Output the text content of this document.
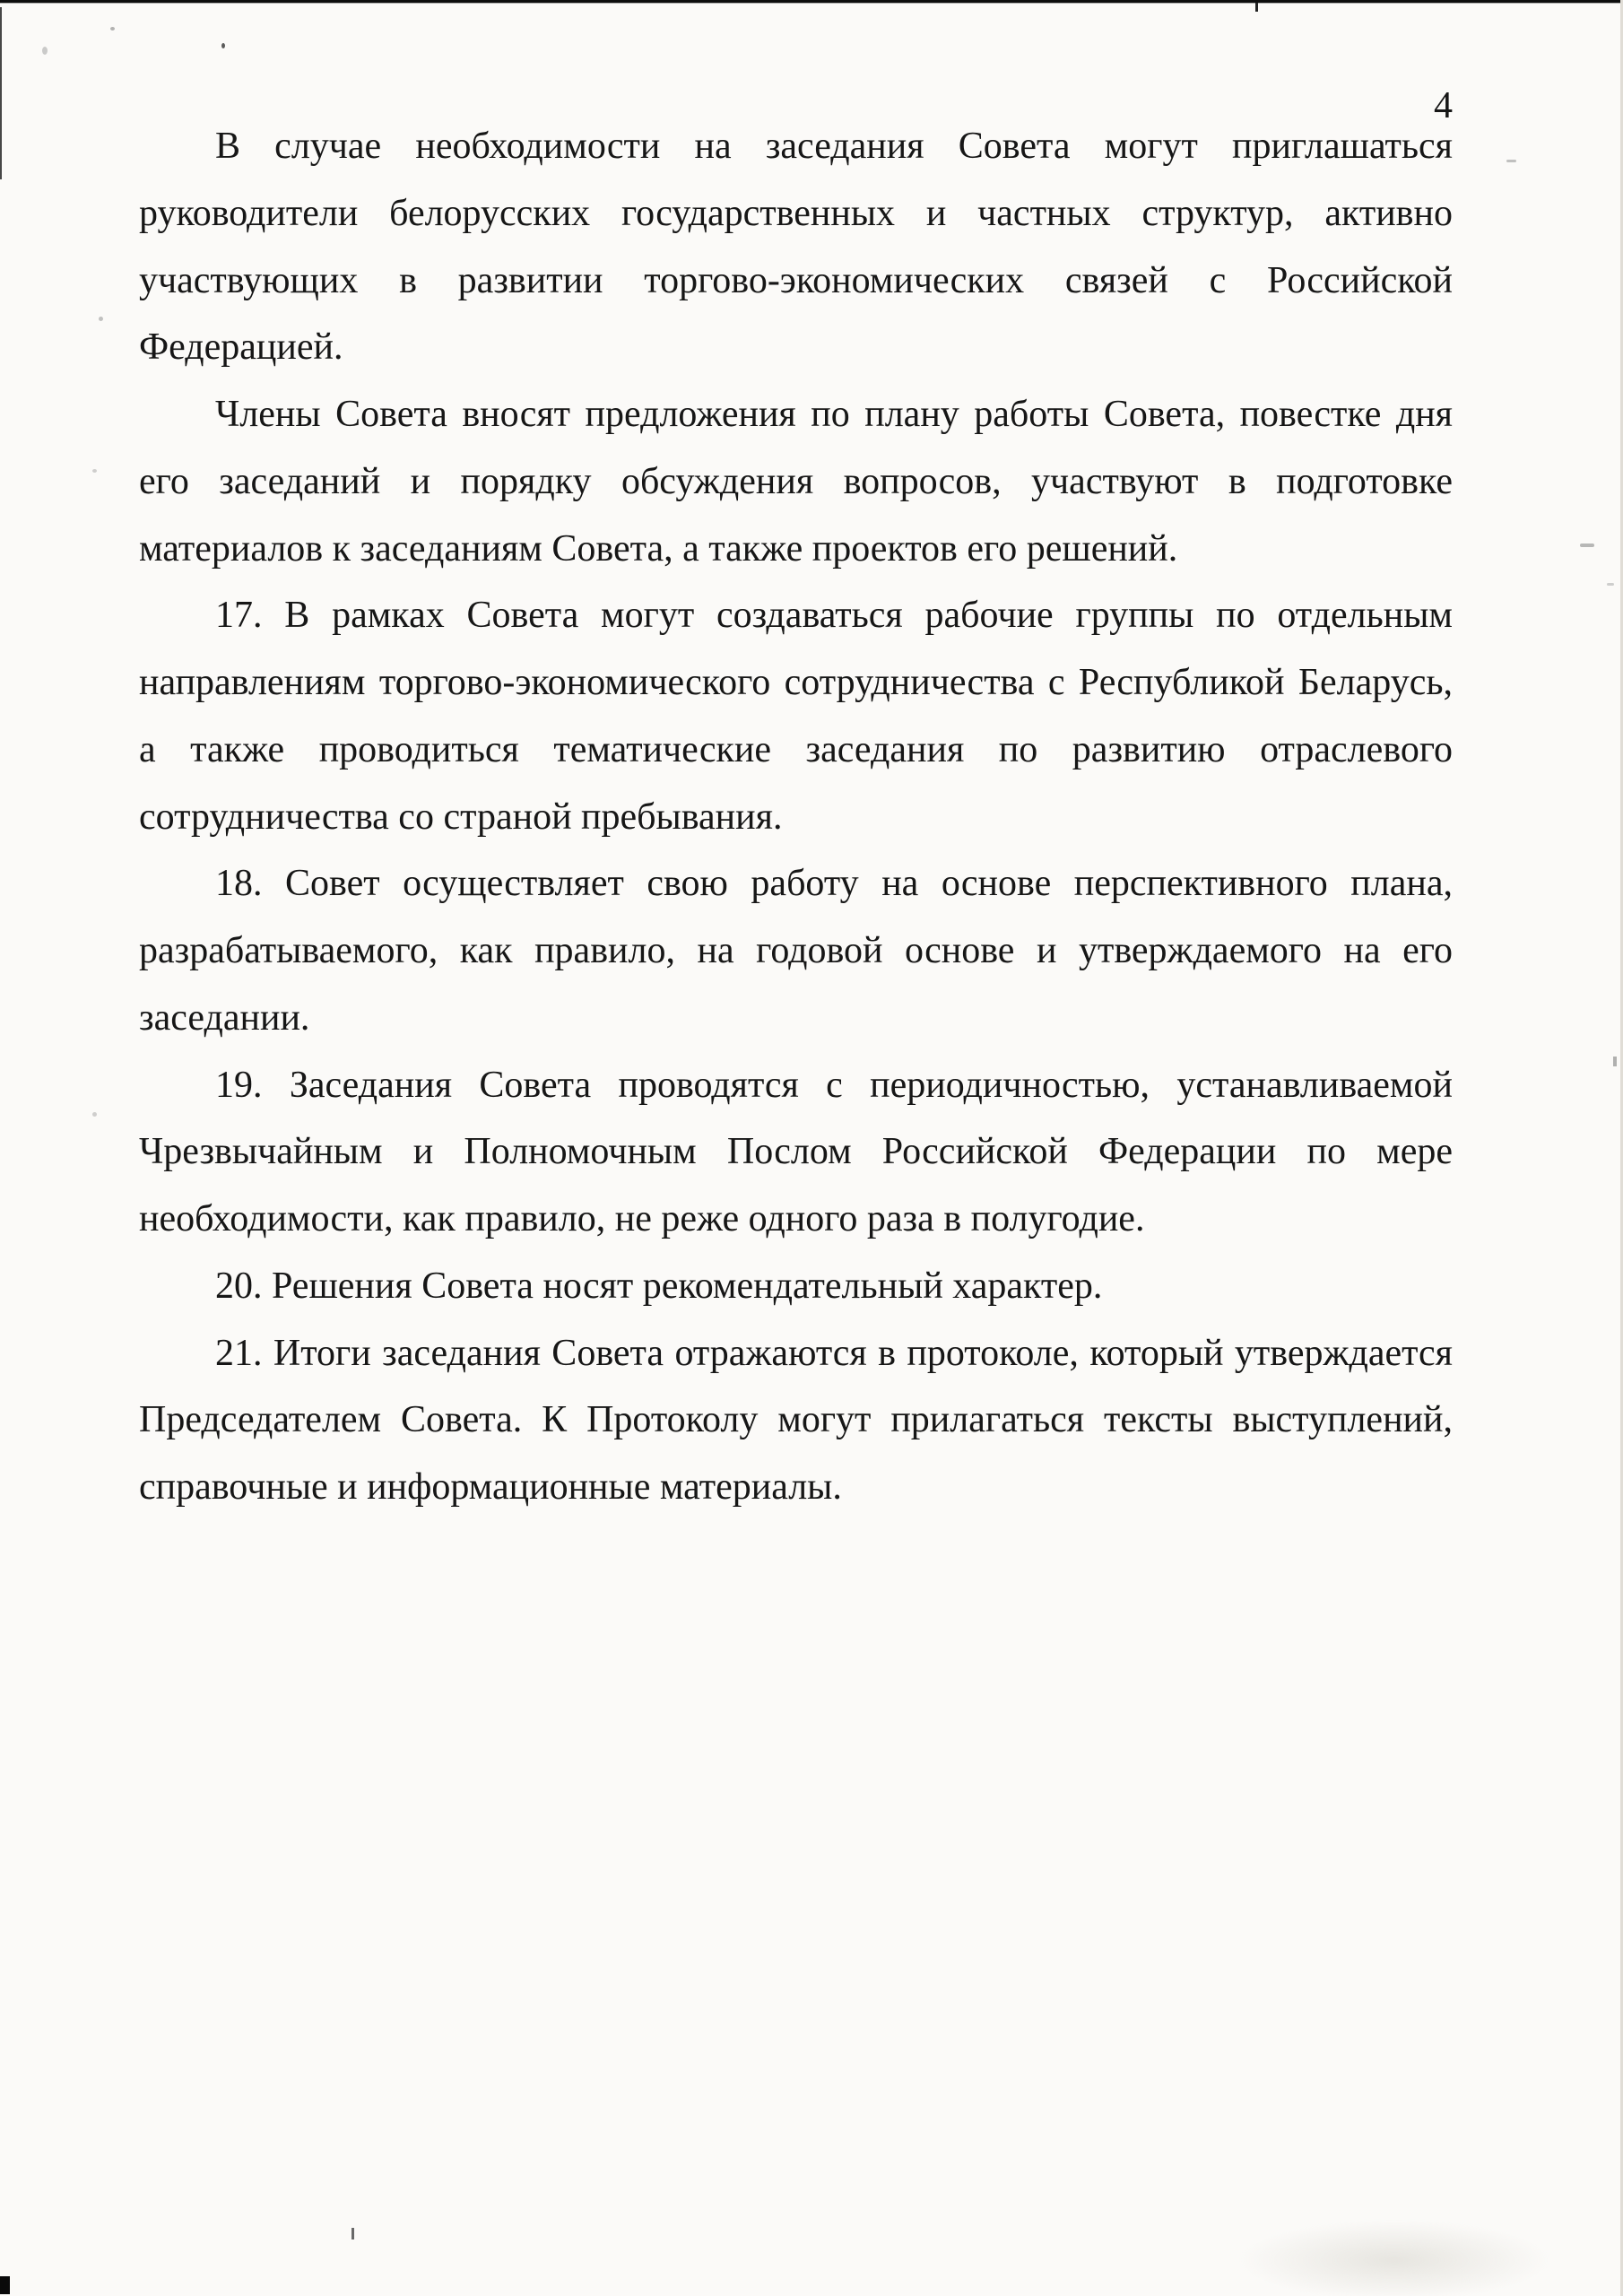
4
В случае необходимости на заседания Совета могут приглашаться
руководители белорусских государственных и частных структур, активно
участвующих в развитии торгово-экономических связей с Российской
Федерацией.
Члены Совета вносят предложения по плану работы Совета, повестке дня
его заседаний и порядку обсуждения вопросов, участвуют в подготовке
материалов к заседаниям Совета, а также проектов его решений.
17. В рамках Совета могут создаваться рабочие группы по отдельным
направлениям торгово-экономического сотрудничества с Республикой Беларусь,
а также проводиться тематические заседания по развитию отраслевого
сотрудничества со страной пребывания.
18. Совет осуществляет свою работу на основе перспективного плана,
разрабатываемого, как правило, на годовой основе и утверждаемого на его
заседании.
19. Заседания Совета проводятся с периодичностью, устанавливаемой
Чрезвычайным и Полномочным Послом Российской Федерации по мере
необходимости, как правило, не реже одного раза в полугодие.
20. Решения Совета носят рекомендательный характер.
21. Итоги заседания Совета отражаются в протоколе, который утверждается
Председателем Совета. К Протоколу могут прилагаться тексты выступлений,
справочные и информационные материалы.
